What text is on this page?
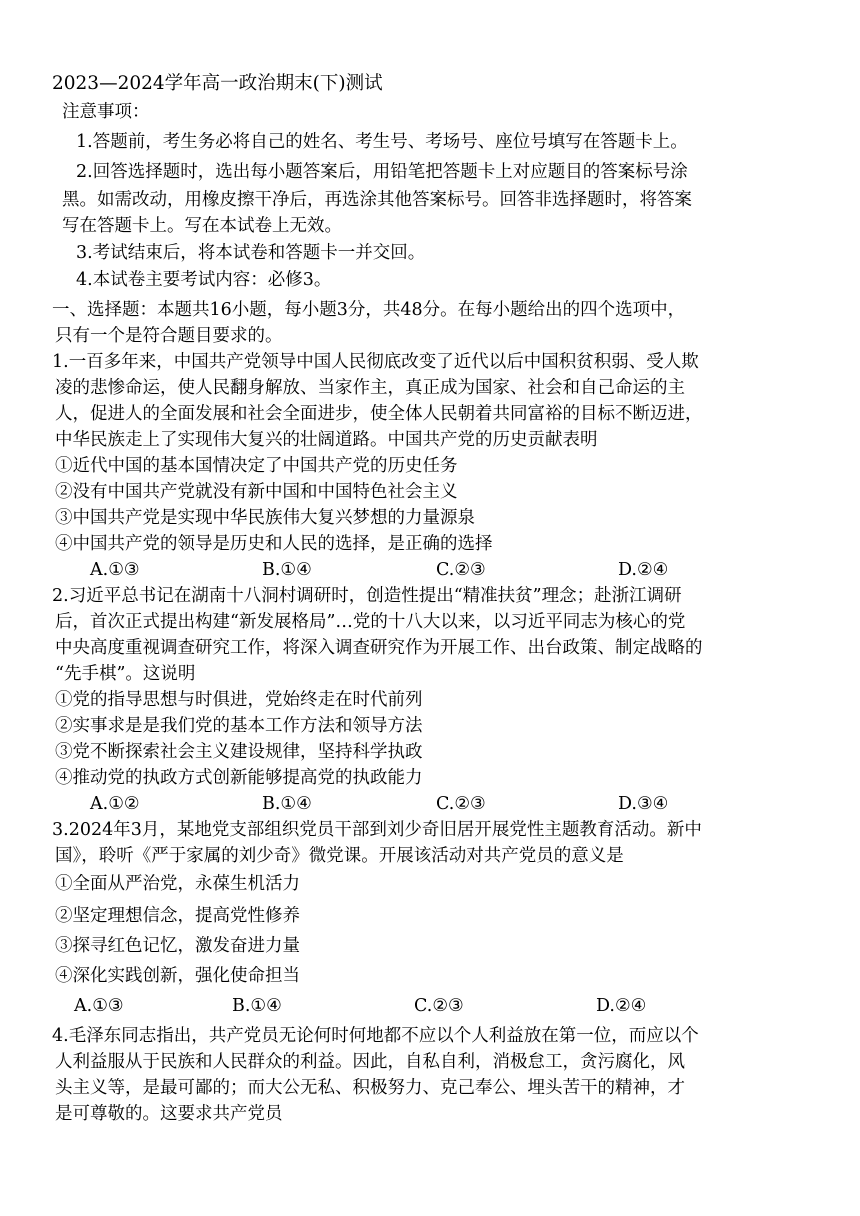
2023—2024学年高一政治期末(下)测试
注意事项：
1.答题前，考生务必将自己的姓名、考生号、考场号、座位号填写在答题卡上。
2.回答选择题时，选出每小题答案后，用铅笔把答题卡上对应题目的答案标号涂
黑。如需改动，用橡皮擦干净后，再选涂其他答案标号。回答非选择题时，将答案
写在答题卡上。写在本试卷上无效。
3.考试结束后，将本试卷和答题卡一并交回。
4.本试卷主要考试内容：必修3。
一、选择题：本题共16小题，每小题3分，共48分。在每小题给出的四个选项中，
只有一个是符合题目要求的。
1.一百多年来，中国共产党领导中国人民彻底改变了近代以后中国积贫积弱、受人欺
凌的悲惨命运，使人民翻身解放、当家作主，真正成为国家、社会和自己命运的主
人，促进人的全面发展和社会全面进步，使全体人民朝着共同富裕的目标不断迈进，
中华民族走上了实现伟大复兴的壮阔道路。中国共产党的历史贡献表明
①近代中国的基本国情决定了中国共产党的历史任务
②没有中国共产党就没有新中国和中国特色社会主义
③中国共产党是实现中华民族伟大复兴梦想的力量源泉
④中国共产党的领导是历史和人民的选择，是正确的选择
A.①③	B.①④	C.②③	D.②④
2.习近平总书记在湖南十八洞村调研时，创造性提出“精准扶贫”理念；赴浙江调研
后，首次正式提出构建“新发展格局”…党的十八大以来，以习近平同志为核心的党
中央高度重视调查研究工作，将深入调查研究作为开展工作、出台政策、制定战略的
“先手棋”。这说明
①党的指导思想与时俱进，党始终走在时代前列
②实事求是是我们党的基本工作方法和领导方法
③党不断探索社会主义建设规律，坚持科学执政
④推动党的执政方式创新能够提高党的执政能力
A.①②	B.①④	C.②③	D.③④
3.2024年3月，某地党支部组织党员干部到刘少奇旧居开展党性主题教育活动。新中
国》，聆听《严于家属的刘少奇》微党课。开展该活动对共产党员的意义是
①全面从严治党，永葆生机活力
②坚定理想信念，提高党性修养
③探寻红色记忆，激发奋进力量
④深化实践创新，强化使命担当
A.①③	B.①④	C.②③	D.②④
4.毛泽东同志指出，共产党员无论何时何地都不应以个人利益放在第一位，而应以个
人利益服从于民族和人民群众的利益。因此，自私自利，消极怠工，贪污腐化，风
头主义等，是最可鄙的；而大公无私、积极努力、克己奉公、埋头苦干的精神，才
是可尊敬的。这要求共产党员
